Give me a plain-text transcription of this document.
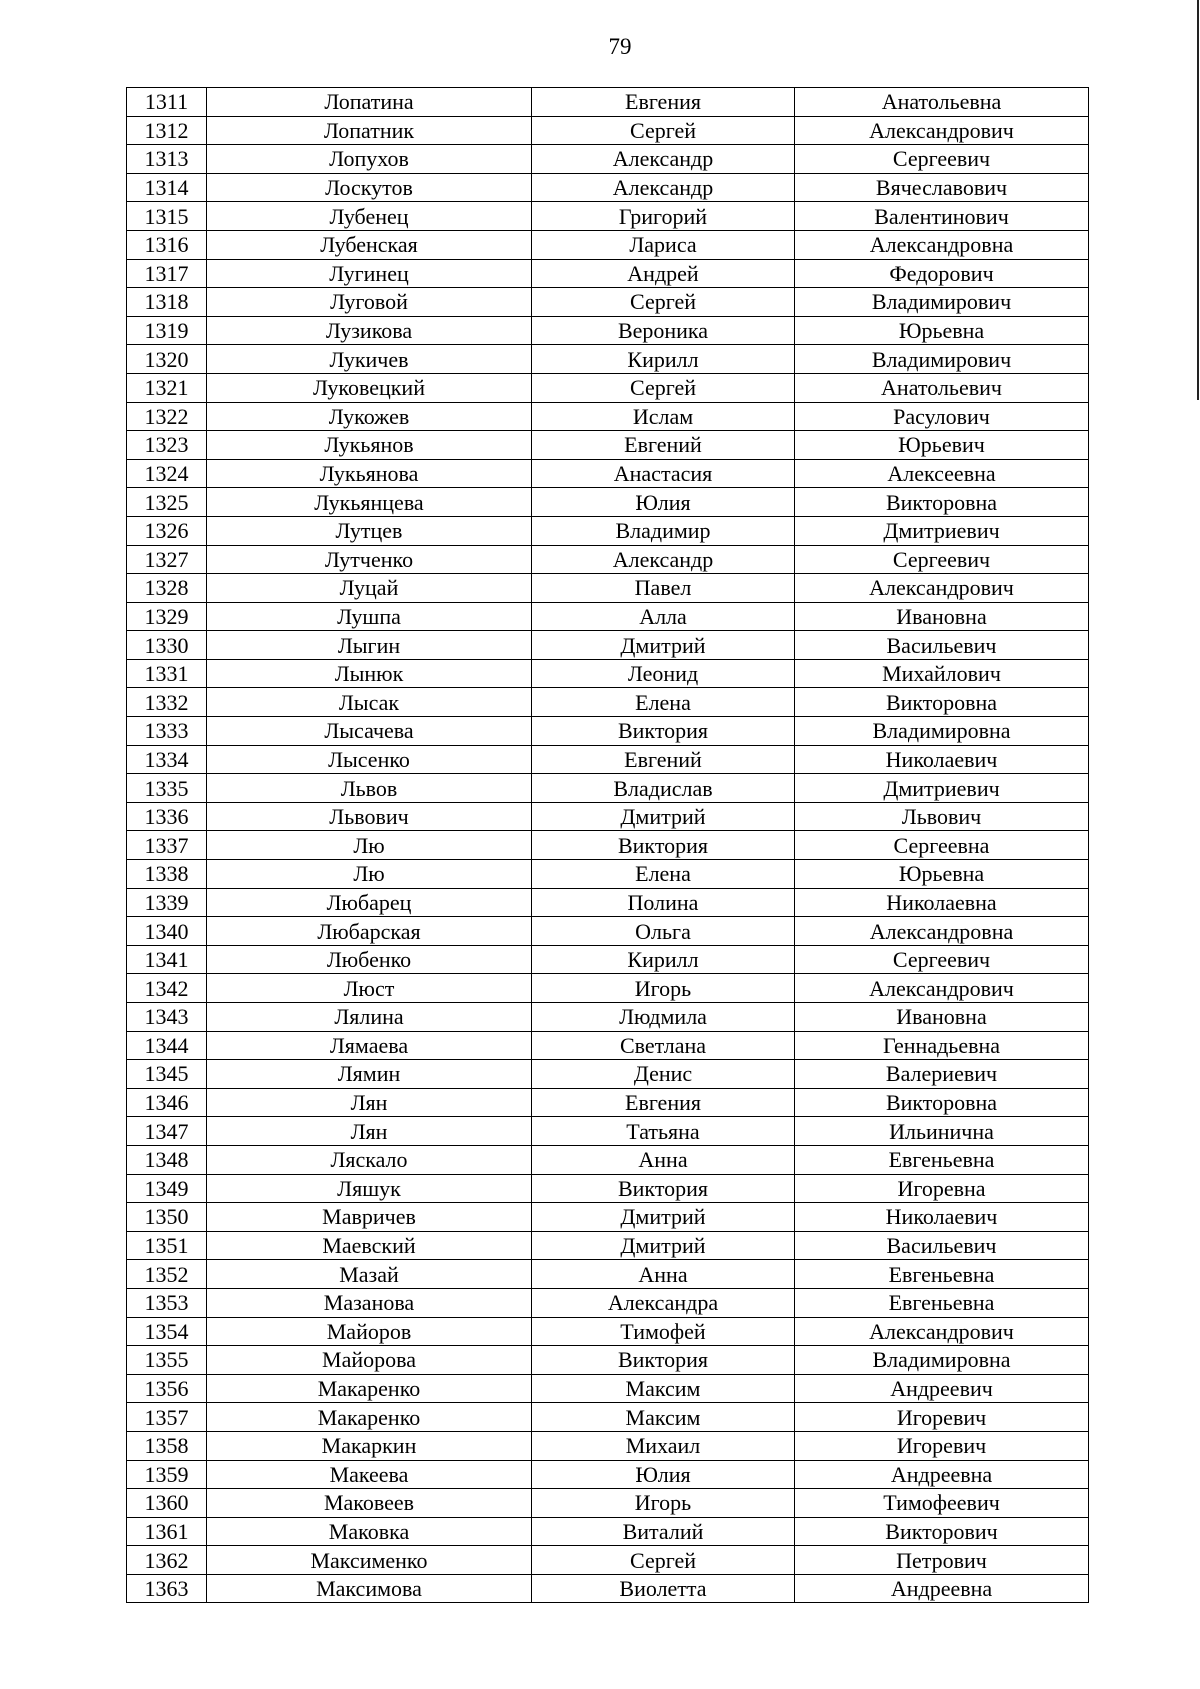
79
1311	Лопатина	Евгения	Анатольевна
1312	Лопатник	Сергей	Александрович
1313	Лопухов	Александр	Сергеевич
1314	Лоскутов	Александр	Вячеславович
1315	Лубенец	Григорий	Валентинович
1316	Лубенская	Лариса	Александровна
1317	Лугинец	Андрей	Федорович
1318	Луговой	Сергей	Владимирович
1319	Лузикова	Вероника	Юрьевна
1320	Лукичев	Кирилл	Владимирович
1321	Луковецкий	Сергей	Анатольевич
1322	Лукожев	Ислам	Расулович
1323	Лукьянов	Евгений	Юрьевич
1324	Лукьянова	Анастасия	Алексеевна
1325	Лукьянцева	Юлия	Викторовна
1326	Лутцев	Владимир	Дмитриевич
1327	Лутченко	Александр	Сергеевич
1328	Луцай	Павел	Александрович
1329	Лушпа	Алла	Ивановна
1330	Лыгин	Дмитрий	Васильевич
1331	Лынюк	Леонид	Михайлович
1332	Лысак	Елена	Викторовна
1333	Лысачева	Виктория	Владимировна
1334	Лысенко	Евгений	Николаевич
1335	Львов	Владислав	Дмитриевич
1336	Львович	Дмитрий	Львович
1337	Лю	Виктория	Сергеевна
1338	Лю	Елена	Юрьевна
1339	Любарец	Полина	Николаевна
1340	Любарская	Ольга	Александровна
1341	Любенко	Кирилл	Сергеевич
1342	Люст	Игорь	Александрович
1343	Лялина	Людмила	Ивановна
1344	Лямаева	Светлана	Геннадьевна
1345	Лямин	Денис	Валериевич
1346	Лян	Евгения	Викторовна
1347	Лян	Татьяна	Ильинична
1348	Ляскало	Анна	Евгеньевна
1349	Ляшук	Виктория	Игоревна
1350	Мавричев	Дмитрий	Николаевич
1351	Маевский	Дмитрий	Васильевич
1352	Мазай	Анна	Евгеньевна
1353	Мазанова	Александра	Евгеньевна
1354	Майоров	Тимофей	Александрович
1355	Майорова	Виктория	Владимировна
1356	Макаренко	Максим	Андреевич
1357	Макаренко	Максим	Игоревич
1358	Макаркин	Михаил	Игоревич
1359	Макеева	Юлия	Андреевна
1360	Маковеев	Игорь	Тимофеевич
1361	Маковка	Виталий	Викторович
1362	Максименко	Сергей	Петрович
1363	Максимова	Виолетта	Андреевна
